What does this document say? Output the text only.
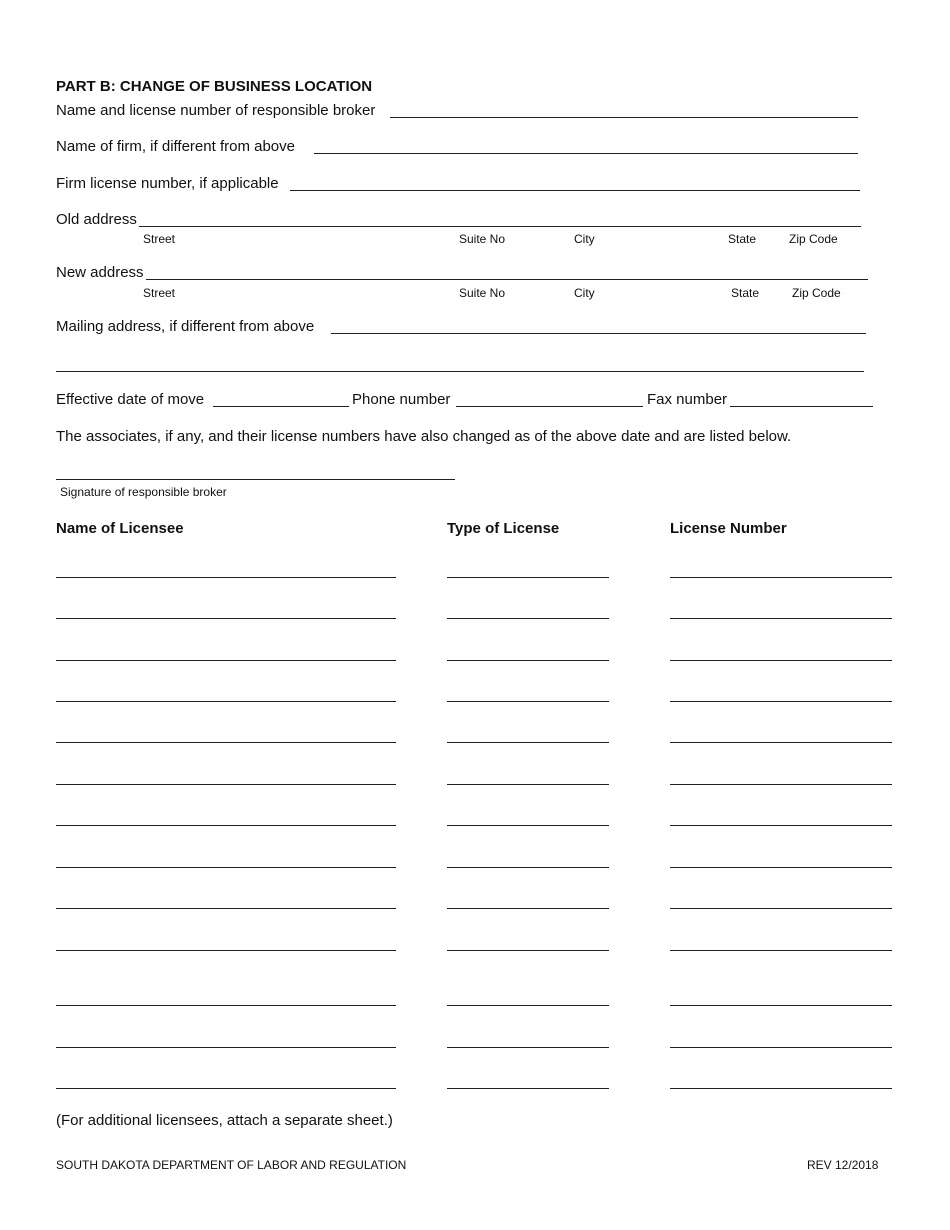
PART B: CHANGE OF BUSINESS LOCATION
Name and license number of responsible broker
Name of firm, if different from above
Firm license number, if applicable
Old address
Street	Suite No	City	State	Zip Code
New address
Street	Suite No	City	State	Zip Code
Mailing address, if different from above
Effective date of move	Phone number	Fax number
The associates, if any, and their license numbers have also changed as of the above date and are listed below.
Signature of responsible broker
Name of Licensee	Type of License	License Number
(For additional licensees, attach a separate sheet.)
SOUTH DAKOTA DEPARTMENT OF LABOR AND REGULATION	REV 12/2018
